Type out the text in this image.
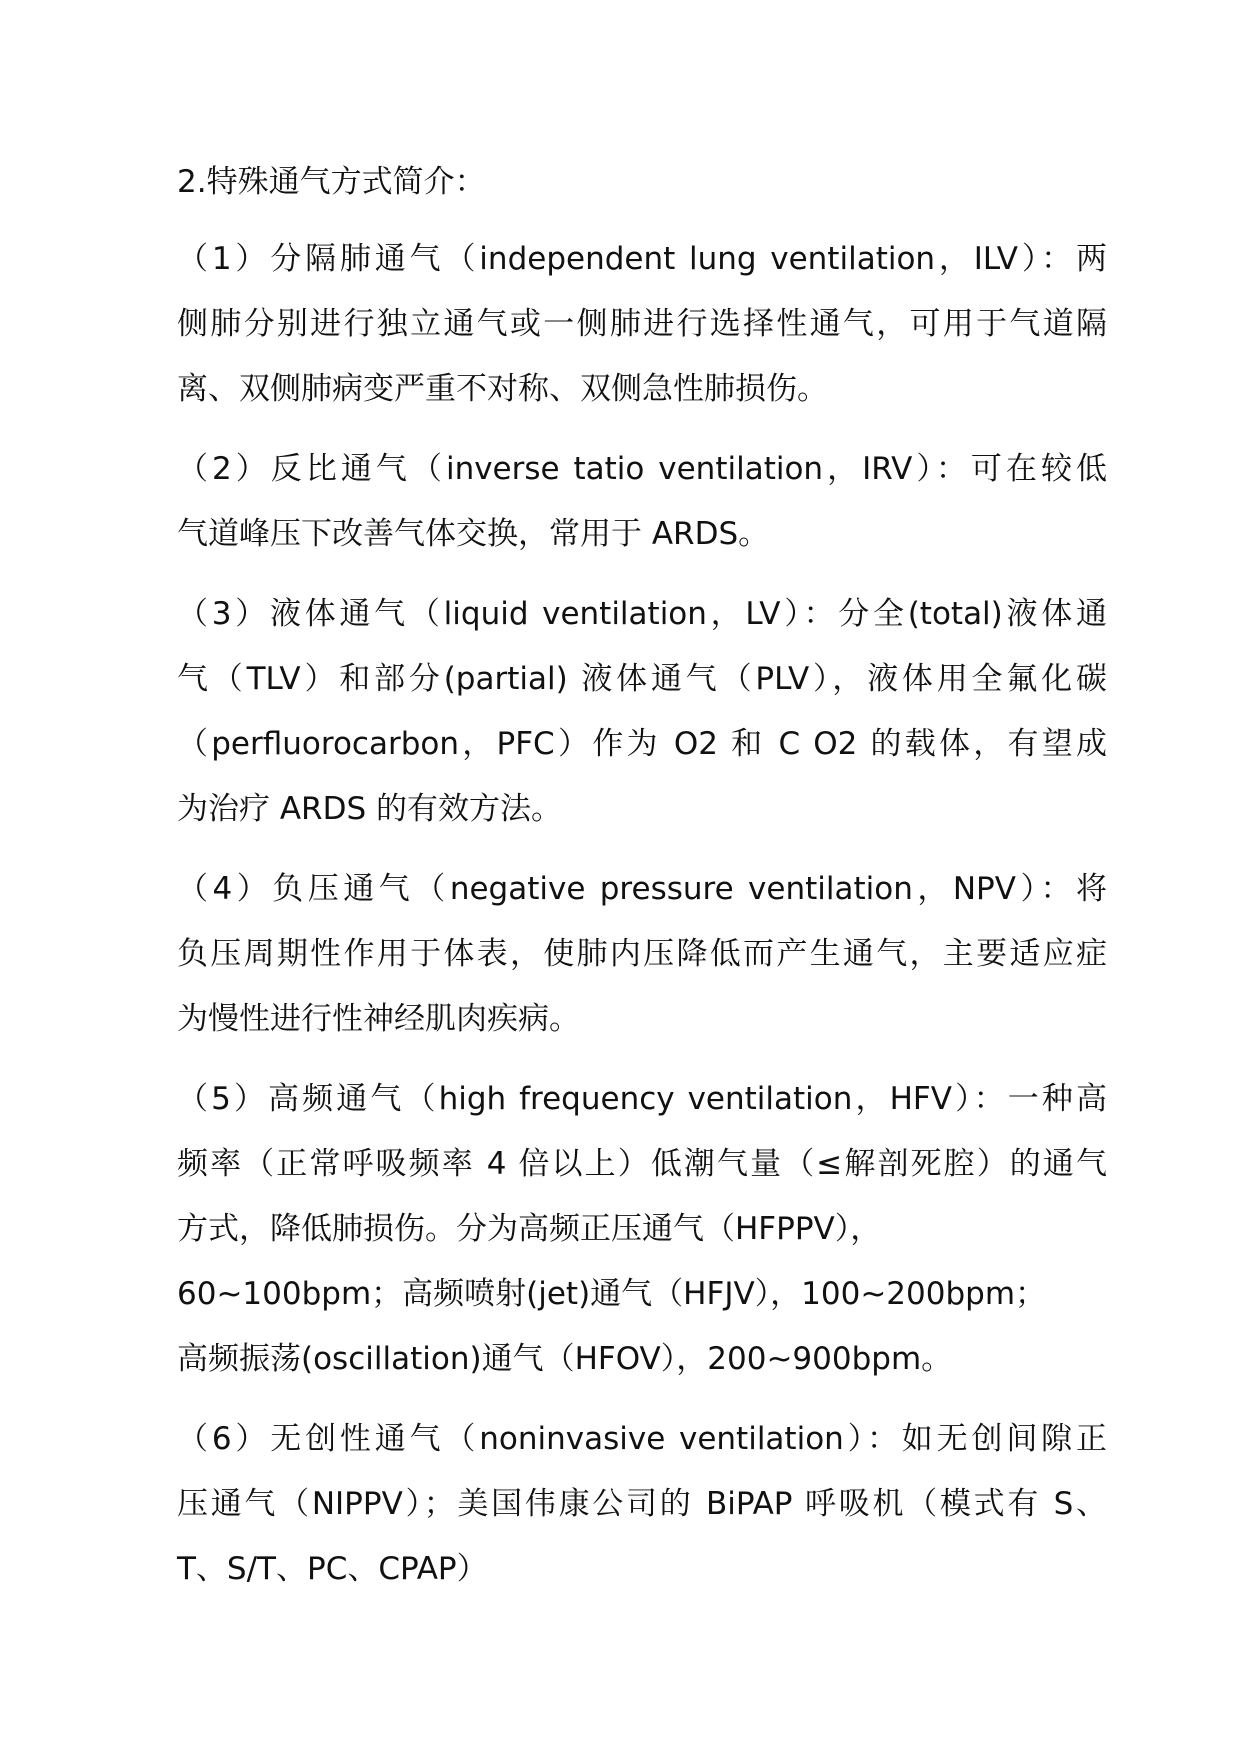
2.特殊通气方式简介：
（1）分隔肺通气（independent lung ventilation，ILV）：两
侧肺分别进行独立通气或一侧肺进行选择性通气，可用于气道隔
离、双侧肺病变严重不对称、双侧急性肺损伤。
（2）反比通气（inverse tatio ventilation，IRV）：可在较低
气道峰压下改善气体交换，常用于 ARDS。
（3）液体通气（liquid ventilation，LV）：分全(total)液体通
气（TLV）和部分(partial) 液体通气（PLV），液体用全氟化碳
（perfluorocarbon，PFC）作为 O2 和 C O2 的载体，有望成
为治疗 ARDS 的有效方法。
（4）负压通气（negative pressure ventilation，NPV）：将
负压周期性作用于体表，使肺内压降低而产生通气，主要适应症
为慢性进行性神经肌肉疾病。
（5）高频通气（high frequency ventilation，HFV）：一种高
频率（正常呼吸频率 4 倍以上）低潮气量（≤解剖死腔）的通气
方式，降低肺损伤。分为高频正压通气（HFPPV），
60~100bpm；高频喷射(jet)通气（HFJV），100~200bpm；
高频振荡(oscillation)通气（HFOV），200~900bpm。
（6）无创性通气（noninvasive ventilation）：如无创间隙正
压通气（NIPPV）；美国伟康公司的 BiPAP 呼吸机（模式有 S、
T、S/T、PC、CPAP）
